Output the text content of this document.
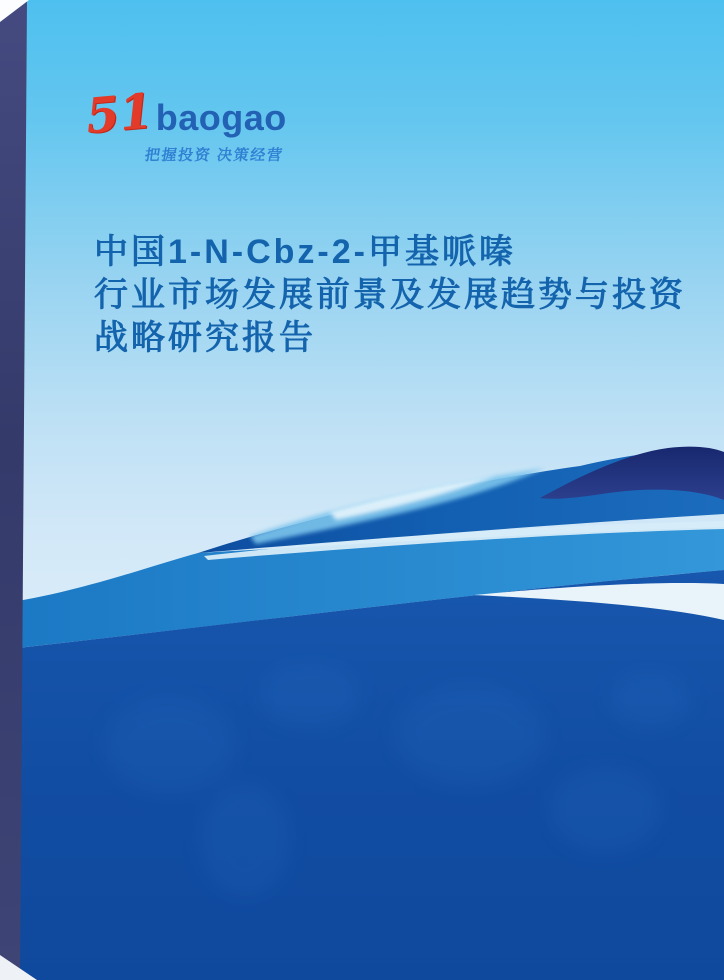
51 baogao
把握投资 决策经营
中国1-N-Cbz-2-甲基哌嗪
行业市场发展前景及发展趋势与投资
战略研究报告
